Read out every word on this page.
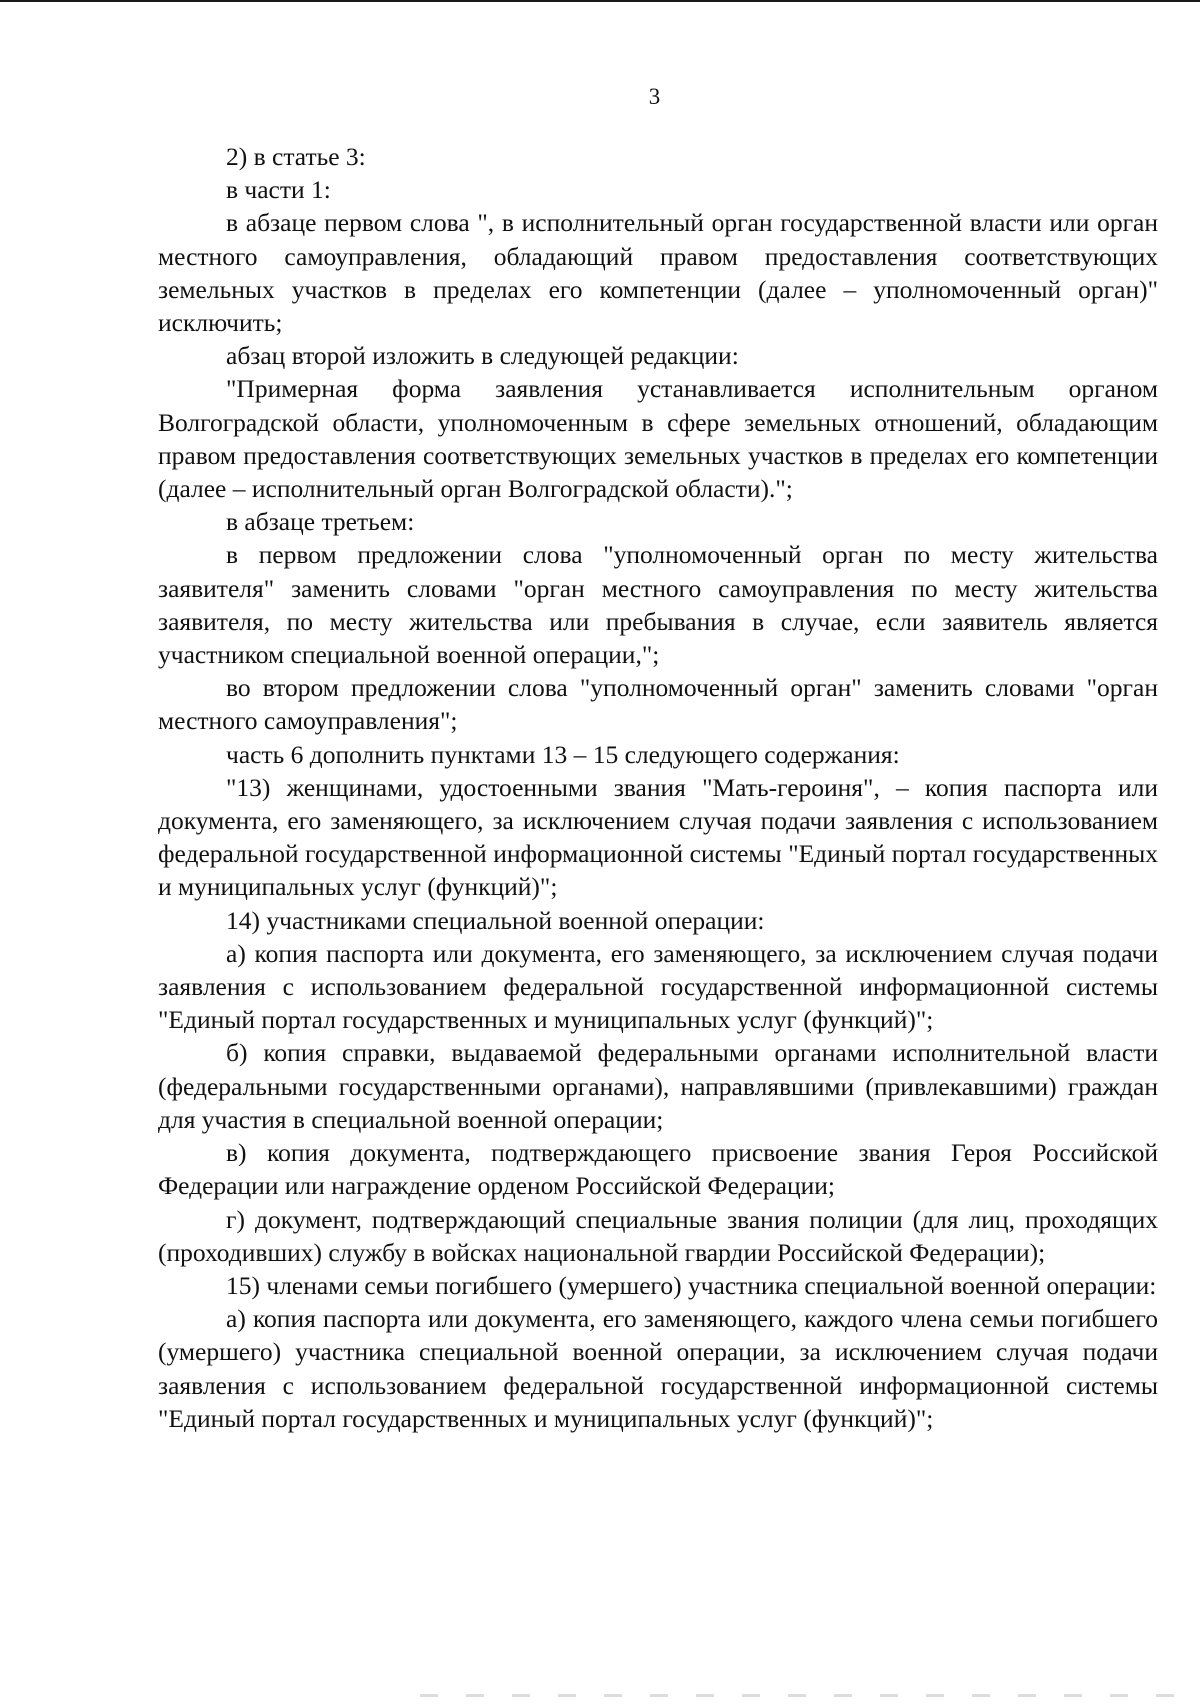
3

2) в статье 3:

в части 1:

в абзаце первом слова ", в исполнительный орган государственной власти или орган местного самоуправления, обладающий правом предоставления соответствующих земельных участков в пределах его компетенции (далее – уполномоченный орган)" исключить;

абзац второй изложить в следующей редакции:

"Примерная форма заявления устанавливается исполнительным органом Волгоградской области, уполномоченным в сфере земельных отношений, обладающим правом предоставления соответствующих земельных участков в пределах его компетенции (далее – исполнительный орган Волгоградской области).";

в абзаце третьем:

в первом предложении слова "уполномоченный орган по месту жительства заявителя" заменить словами "орган местного самоуправления по месту жительства заявителя, по месту жительства или пребывания в случае, если заявитель является участником специальной военной операции,";

во втором предложении слова "уполномоченный орган" заменить словами "орган местного самоуправления";

часть 6 дополнить пунктами 13 – 15 следующего содержания:

"13) женщинами, удостоенными звания "Мать-героиня", – копия паспорта или документа, его заменяющего, за исключением случая подачи заявления с использованием федеральной государственной информационной системы "Единый портал государственных и муниципальных услуг (функций)";

14) участниками специальной военной операции:

а) копия паспорта или документа, его заменяющего, за исключением случая подачи заявления с использованием федеральной государственной информационной системы "Единый портал государственных и муниципальных услуг (функций)";

б) копия справки, выдаваемой федеральными органами исполнительной власти (федеральными государственными органами), направлявшими (привлекавшими) граждан для участия в специальной военной операции;

в) копия документа, подтверждающего присвоение звания Героя Российской Федерации или награждение орденом Российской Федерации;

г) документ, подтверждающий специальные звания полиции (для лиц, проходящих (проходивших) службу в войсках национальной гвардии Российской Федерации);

15) членами семьи погибшего (умершего) участника специальной военной операции:

а) копия паспорта или документа, его заменяющего, каждого члена семьи погибшего (умершего) участника специальной военной операции, за исключением случая подачи заявления с использованием федеральной государственной информационной системы "Единый портал государственных и муниципальных услуг (функций)";
